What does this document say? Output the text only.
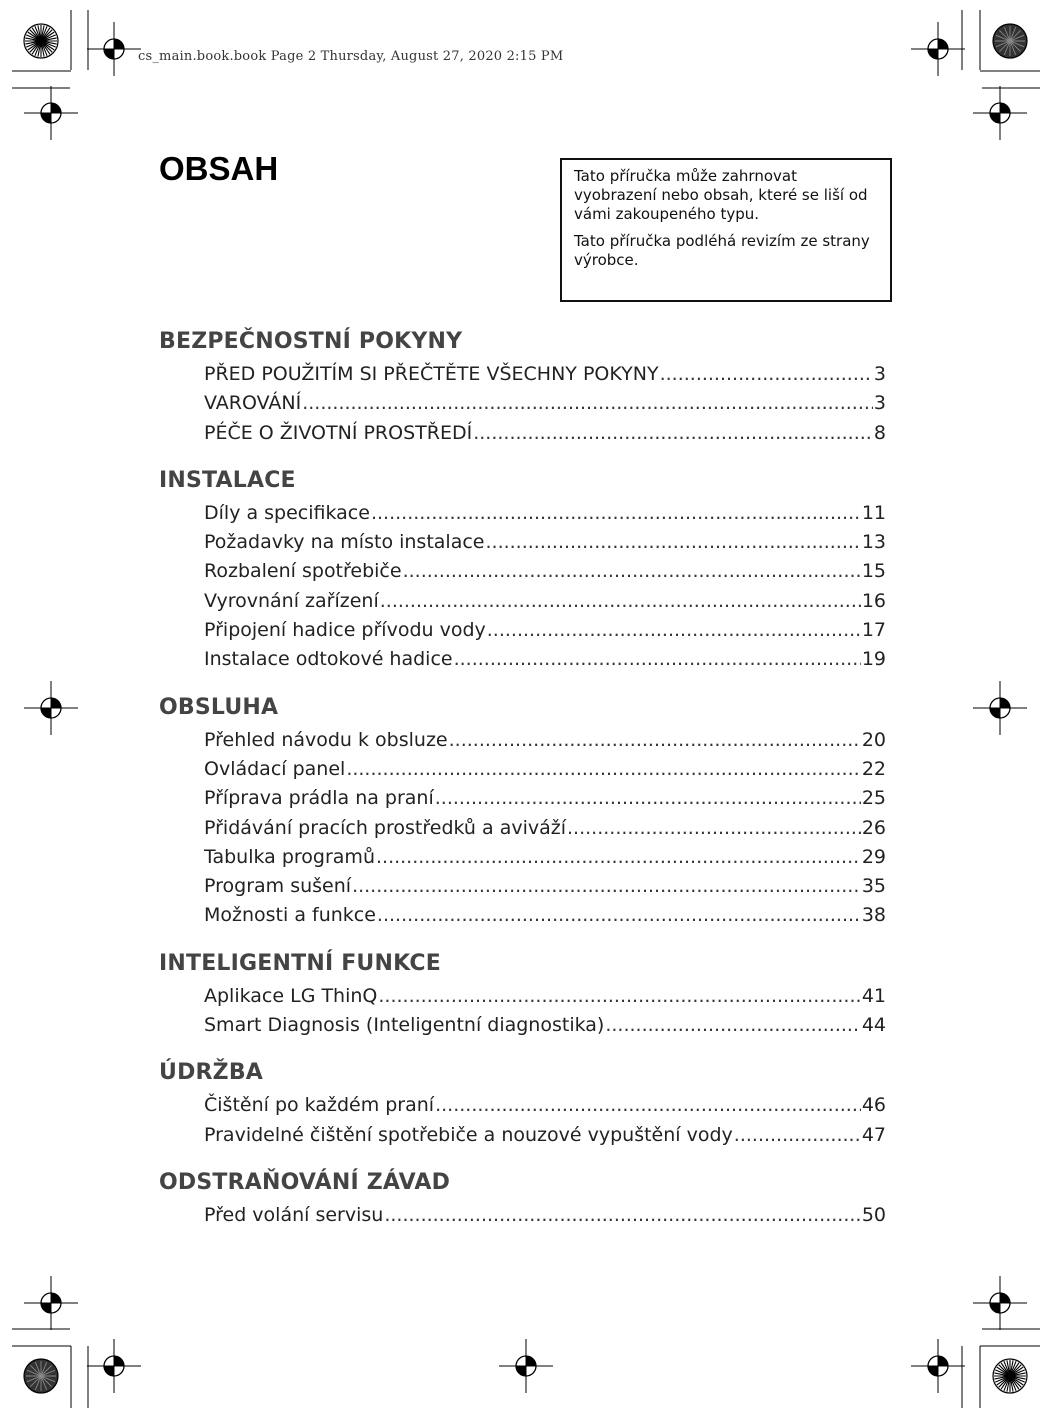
cs_main.book.book Page 2 Thursday, August 27, 2020 2:15 PM
OBSAH	Tato příručka může zahrnovat vyobrazení nebo obsah, které se liší od vámi zakoupeného typu.

Tato příručka podléhá revizím ze strany výrobce.

BEZPEČNOSTNÍ POKYNY
PŘED POUŽITÍM SI PŘEČTĚTE VŠECHNY POKYNY .....	3
VAROVÁNÍ .....	3
PÉČE O ŽIVOTNÍ PROSTŘEDÍ .....	8
INSTALACE
Díly a specifikace .....	11
Požadavky na místo instalace .....	13
Rozbalení spotřebiče .....	15
Vyrovnání zařízení .....	16
Připojení hadice přívodu vody .....	17
Instalace odtokové hadice .....	19
OBSLUHA
Přehled návodu k obsluze .....	20
Ovládací panel .....	22
Příprava prádla na praní .....	25
Přidávání pracích prostředků a aviváží .....	26
Tabulka programů .....	29
Program sušení .....	35
Možnosti a funkce .....	38
INTELIGENTNÍ FUNKCE
Aplikace LG ThinQ .....	41
Smart Diagnosis (Inteligentní diagnostika) .....	44
ÚDRŽBA
Čištění po každém praní .....	46
Pravidelné čištění spotřebiče a nouzové vypuštění vody .....	47
ODSTRAŇOVÁNÍ ZÁVAD
Před volání servisu .....	50
